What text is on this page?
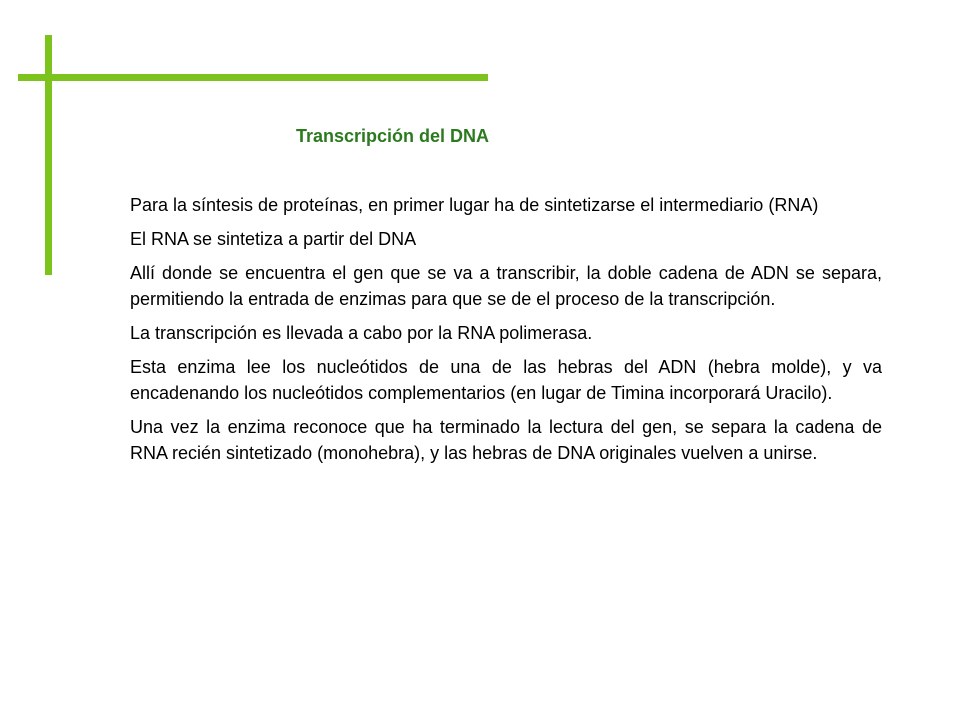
Transcripción del DNA

Para la síntesis de proteínas, en primer lugar ha de sintetizarse el intermediario (RNA)

El RNA se sintetiza a partir del DNA

Allí donde se encuentra el gen que se va a transcribir, la doble cadena de ADN se separa, permitiendo la entrada de enzimas para que se de el proceso de la transcripción.

La transcripción es llevada a cabo por la RNA polimerasa.

Esta enzima lee los nucleótidos de una de las hebras del ADN (hebra molde), y va encadenando los nucleótidos complementarios (en lugar de Timina incorporará Uracilo).

Una vez la enzima reconoce que ha terminado la lectura del gen, se separa la cadena de RNA recién sintetizado (monohebra), y las hebras de DNA originales vuelven a unirse.
